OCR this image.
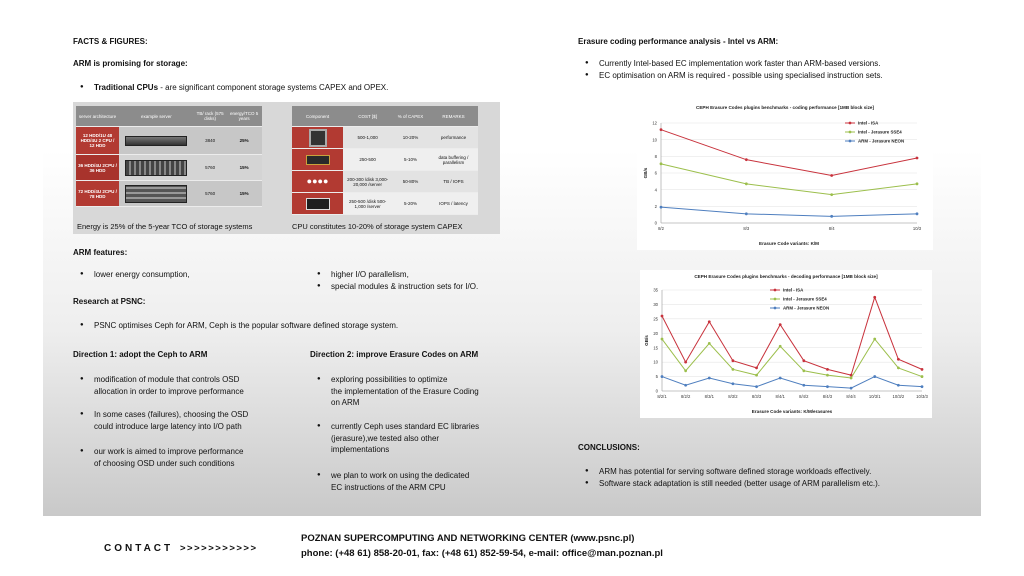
FACTS & FIGURES:
ARM is promising for storage:
● Traditional CPUs - are significant component storage systems CAPEX and OPEX.
server architecture	example server	TB/ rack (575 disks)	energy/TCO 5 years
12 HDD/1U 48 HDD/4U 2 CPU / 12 HDD		3840	25%
36 HDD/4U 2CPU / 36 HDD		5760	15%
72 HDD/4U 2CPU / 78 HDD		5760	15%
Component	COST [$]	% of CAPEX	REMARKS

	500-1,000	10-20%	performance

	250-500	5-10%	data buffering / parallelism
●●●●	200-300 /disk 3,000-20,000 /server	50-80%	TB / IOPS

	250-500 /disk 500-1,000 /server	5-20%	IOPS / latency
Energy is 25% of the 5-year TCO of storage systems	CPU constitutes 10-20% of storage system CAPEX
ARM features:
● lower energy consumption,	● higher I/O parallelism,
● special modules & instruction sets for I/O.
Research at PSNC:
● PSNC optimises Ceph for ARM, Ceph is the popular software defined storage system.
Direction 1: adopt the Ceph to ARM
● modification of module that controls OSD
allocation in order to improve performance
● In some cases (failures), choosing the OSD
could introduce large latency into I/O path
● our work is aimed to improve performance
of choosing OSD under such conditions
Direction 2: improve Erasure Codes on ARM
● exploring possibilities to optimize
the implementation of the Erasure Coding
on ARM
● currently Ceph uses standard EC libraries
(jerasure),we tested also other
implementations
● we plan to work on using the dedicated
EC instructions of the ARM CPU
Erasure coding performance analysis - Intel vs ARM:
● Currently Intel-based EC implementation work faster than ARM-based versions.
● EC optimisation on ARM is required - possible using specialised instruction sets.
CEPH Erasure Codes plugins benchmarks - coding performance [1MB block size]
0
2
4
6
8
10
12
8/2	8/3	8/4	10/3
Erasure Code variants: K/M
GB/s
Intel - ISA
Intel - Jerasure SSE4
ARM - Jerasure NEON
CEPH Erasure Codes plugins benchmarks - decoding performance [1MB block size]
0
5
10
15
20
25
30
35
8/2/1	8/2/2	8/3/1	8/3/2	8/3/3	8/4/1	8/4/2	8/4/3	8/4/4	10/3/1	10/3/2	10/3/3
Erasure Code variants: K/M/erasures
GB/s
Intel - ISA
Intel - Jerasure SSE4
ARM - Jerasure NEON
CONCLUSIONS:
● ARM has potential for serving software defined storage workloads effectively.
● Software stack adaptation is still needed (better usage of ARM parallelism etc.).
CONTACT >>>>>>>>>>>
POZNAN SUPERCOMPUTING AND NETWORKING CENTER (www.psnc.pl)
phone: (+48 61) 858-20-01, fax: (+48 61) 852-59-54, e-mail: office@man.poznan.pl
